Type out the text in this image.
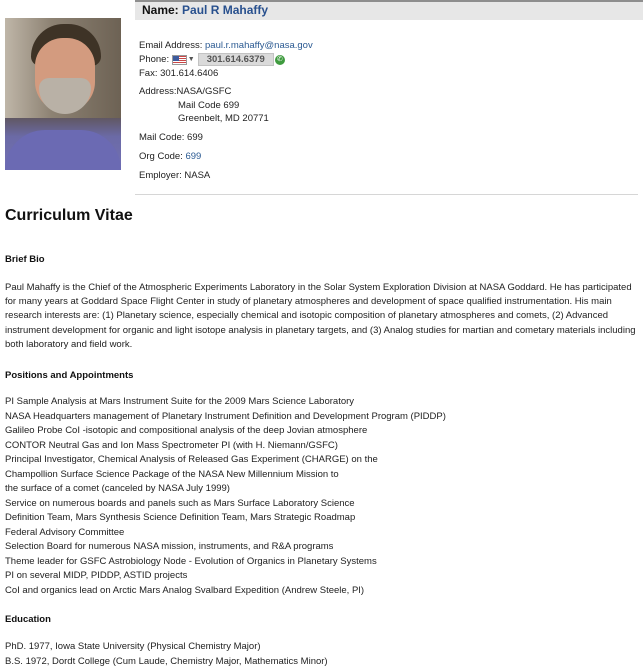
Name: Paul R Mahaffy
Email Address: paul.r.mahaffy@nasa.gov
Phone:	▼ 301.614.6379 ✆
Fax: 301.614.6406
Address:NASA/GSFC
Mail Code 699
Greenbelt, MD 20771
Mail Code: 699
Org Code: 699
Employer: NASA
Curriculum Vitae
Brief Bio
Paul Mahaffy is the Chief of the Atmospheric Experiments Laboratory in the Solar System Exploration Division at NASA Goddard. He has participated for many years at Goddard Space Flight Center in study of planetary atmospheres and development of space qualified instrumentation. His main research interests are: (1) Planetary science, especially chemical and isotopic composition of planetary atmospheres and comets, (2) Advanced instrument development for organic and light isotope analysis in planetary targets, and (3) Analog studies for martian and cometary materials including both laboratory and field work.
Positions and Appointments
PI Sample Analysis at Mars Instrument Suite for the 2009 Mars Science Laboratory
NASA Headquarters management of Planetary Instrument Definition and Development Program (PIDDP)
Galileo Probe CoI -isotopic and compositional analysis of the deep Jovian atmosphere
CONTOR Neutral Gas and Ion Mass Spectrometer PI (with H. Niemann/GSFC)
Principal Investigator, Chemical Analysis of Released Gas Experiment (CHARGE) on the
Champollion Surface Science Package of the NASA New Millennium Mission to
the surface of a comet (canceled by NASA July 1999)
Service on numerous boards and panels such as Mars Surface Laboratory Science
Definition Team, Mars Synthesis Science Definition Team, Mars Strategic Roadmap
Federal Advisory Committee
Selection Board for numerous NASA mission, instruments, and R&A programs
Theme leader for GSFC Astrobiology Node - Evolution of Organics in Planetary Systems
PI on several MIDP, PIDDP, ASTID projects
CoI and organics lead on Arctic Mars Analog Svalbard Expedition (Andrew Steele, PI)
Education
PhD. 1977, Iowa State University (Physical Chemistry Major)
B.S. 1972, Dordt College (Cum Laude, Chemistry Major, Mathematics Minor)
